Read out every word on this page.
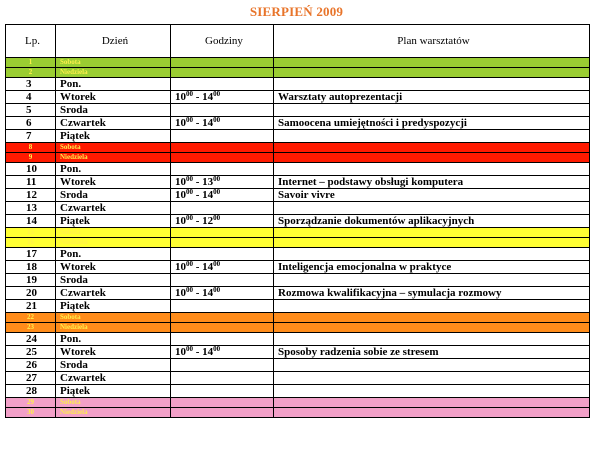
SIERPIEŃ 2009
Lp.	Dzień	Godziny	Plan warsztatów
1	Sobota		
2	Niedziela		
3	Pon.		
4	Wtorek	$10^{00} - 14^{00}$	Warsztaty autoprezentacji
5	Sroda		
6	Czwartek	$10^{00} - 14^{00}$	Samoocena umiejętności i predyspozycji
7	Piątek		
8	Sobota		
9	Niedziela		
10	Pon.		
11	Wtorek	$10^{00} - 13^{00}$	Internet – podstawy obsługi komputera
12	Sroda	$10^{00} - 14^{00}$	Savoir vivre
13	Czwartek		
14	Piątek	$10^{00} - 12^{00}$	Sporządzanie dokumentów aplikacyjnych
15	Sobota		
16	Niedziela		
17	Pon.		
18	Wtorek	$10^{00} - 14^{00}$	Inteligencja emocjonalna w praktyce
19	Sroda		
20	Czwartek	$10^{00} - 14^{00}$	Rozmowa kwalifikacyjna – symulacja rozmowy
21	Piątek		
22	Sobota		
23	Niedziela		
24	Pon.		
25	Wtorek	$10^{00} - 14^{00}$	Sposoby radzenia sobie ze stresem
26	Sroda		
27	Czwartek		
28	Piątek		
29	Sobota		
30	Niedziela		
